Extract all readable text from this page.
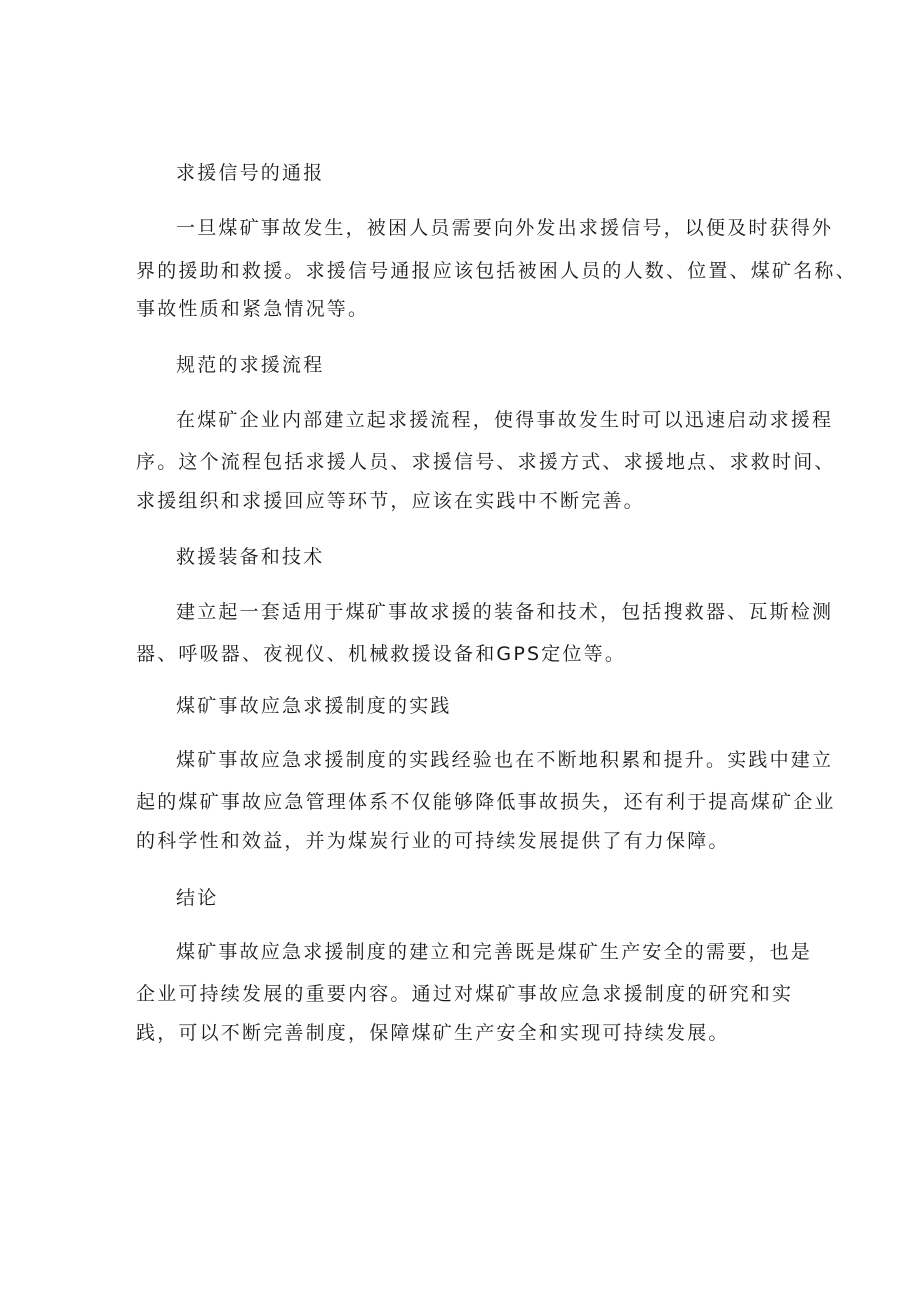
求援信号的通报
一旦煤矿事故发生，被困人员需要向外发出求援信号，以便及时获得外
界的援助和救援。求援信号通报应该包括被困人员的人数、位置、煤矿名称、
事故性质和紧急情况等。
规范的求援流程
在煤矿企业内部建立起求援流程，使得事故发生时可以迅速启动求援程
序。这个流程包括求援人员、求援信号、求援方式、求援地点、求救时间、
求援组织和求援回应等环节，应该在实践中不断完善。
救援装备和技术
建立起一套适用于煤矿事故求援的装备和技术，包括搜救器、瓦斯检测
器、呼吸器、夜视仪、机械救援设备和GPS定位等。
煤矿事故应急求援制度的实践
煤矿事故应急求援制度的实践经验也在不断地积累和提升。实践中建立
起的煤矿事故应急管理体系不仅能够降低事故损失，还有利于提高煤矿企业
的科学性和效益，并为煤炭行业的可持续发展提供了有力保障。
结论
煤矿事故应急求援制度的建立和完善既是煤矿生产安全的需要，也是
企业可持续发展的重要内容。通过对煤矿事故应急求援制度的研究和实
践，可以不断完善制度，保障煤矿生产安全和实现可持续发展。
